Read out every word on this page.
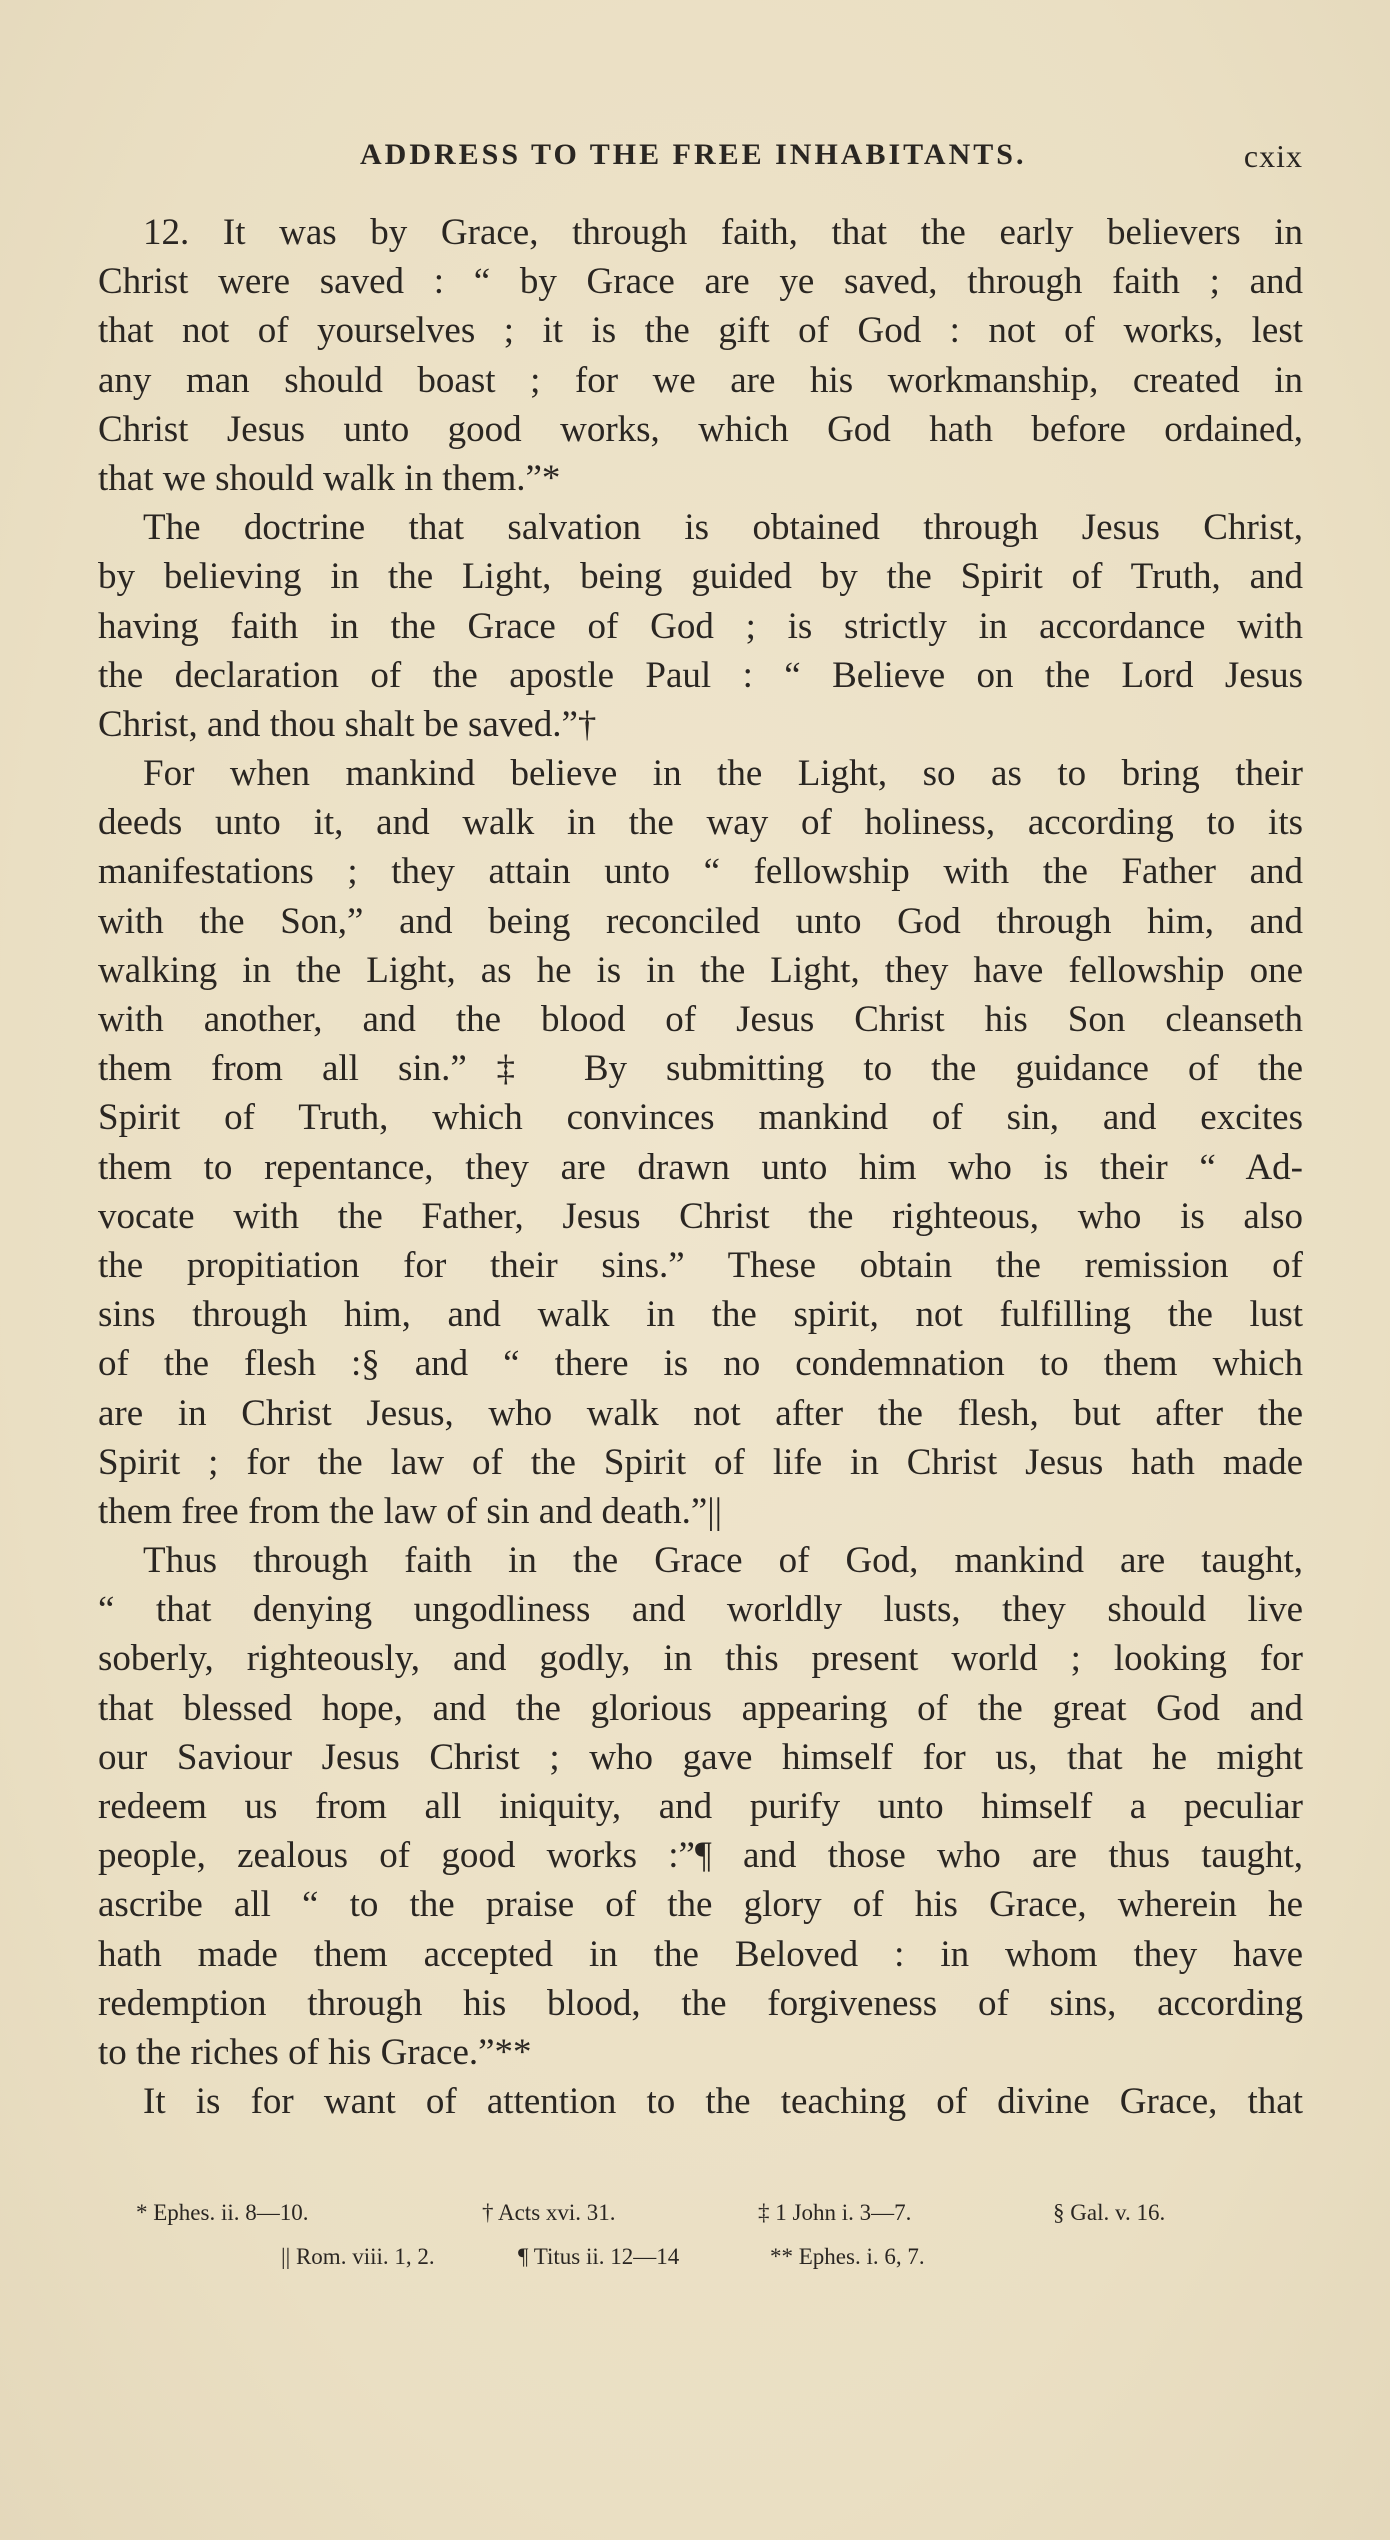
ADDRESS TO THE FREE INHABITANTS.	cxix
12. It was by Grace, through faith, that the early believers in
Christ were saved : “ by Grace are ye saved, through faith ; and
that not of yourselves ; it is the gift of God : not of works, lest
any man should boast ; for we are his workmanship, created in
Christ Jesus unto good works, which God hath before ordained,
that we should walk in them.”*
The doctrine that salvation is obtained through Jesus Christ,
by believing in the Light, being guided by the Spirit of Truth, and
having faith in the Grace of God ; is strictly in accordance with
the declaration of the apostle Paul : “ Believe on the Lord Jesus
Christ, and thou shalt be saved.”†
For when mankind believe in the Light, so as to bring their
deeds unto it, and walk in the way of holiness, according to its
manifestations ; they attain unto “ fellowship with the Father and
with the Son,” and being reconciled unto God through him, and
walking in the Light, as he is in the Light, they have fellowship one
with another, and the blood of Jesus Christ his Son cleanseth
them from all sin.”‡ By submitting to the guidance of the
Spirit of Truth, which convinces mankind of sin, and excites
them to repentance, they are drawn unto him who is their “ Ad-
vocate with the Father, Jesus Christ the righteous, who is also
the propitiation for their sins.” These obtain the remission of
sins through him, and walk in the spirit, not fulfilling the lust
of the flesh :§ and “ there is no condemnation to them which
are in Christ Jesus, who walk not after the flesh, but after the
Spirit ; for the law of the Spirit of life in Christ Jesus hath made
them free from the law of sin and death.”||
Thus through faith in the Grace of God, mankind are taught,
“ that denying ungodliness and worldly lusts, they should live
soberly, righteously, and godly, in this present world ; looking for
that blessed hope, and the glorious appearing of the great God and
our Saviour Jesus Christ ; who gave himself for us, that he might
redeem us from all iniquity, and purify unto himself a peculiar
people, zealous of good works :”¶ and those who are thus taught,
ascribe all “ to the praise of the glory of his Grace, wherein he
hath made them accepted in the Beloved : in whom they have
redemption through his blood, the forgiveness of sins, according
to the riches of his Grace.”**
It is for want of attention to the teaching of divine Grace, that
* Ephes. ii. 8—10.	† Acts xvi. 31.	‡ 1 John i. 3—7.	§ Gal. v. 16.
|| Rom. viii. 1, 2.	¶ Titus ii. 12—14	** Ephes. i. 6, 7.
